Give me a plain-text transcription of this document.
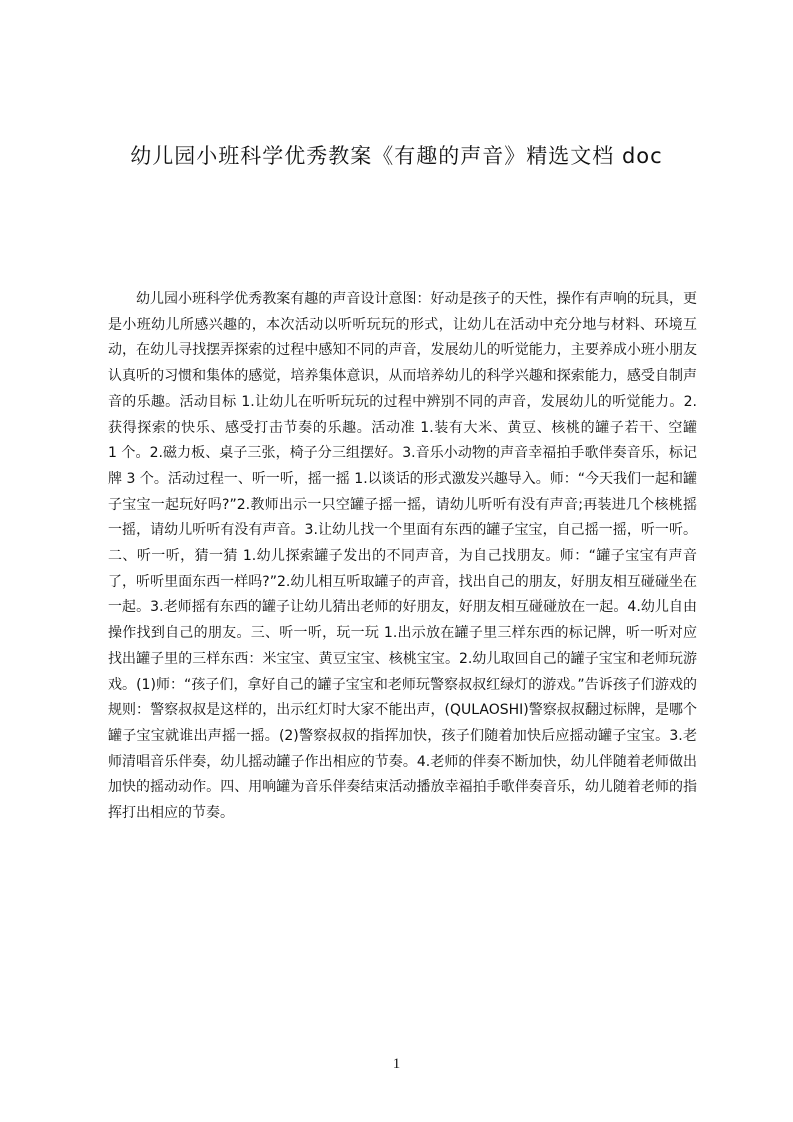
幼儿园小班科学优秀教案《有趣的声音》精选文档 doc

幼儿园小班科学优秀教案有趣的声音设计意图：好动是孩子的天性，操作有声响的玩具，更是小班幼儿所感兴趣的，本次活动以听听玩玩的形式，让幼儿在活动中充分地与材料、环境互动，在幼儿寻找摆弄探索的过程中感知不同的声音，发展幼儿的听觉能力，主要养成小班小朋友认真听的习惯和集体的感觉，培养集体意识，从而培养幼儿的科学兴趣和探索能力，感受自制声音的乐趣。活动目标 1.让幼儿在听听玩玩的过程中辨别不同的声音，发展幼儿的听觉能力。2.获得探索的快乐、感受打击节奏的乐趣。活动准 1.装有大米、黄豆、核桃的罐子若干、空罐　 1 个。2.磁力板、桌子三张，椅子分三组摆好。3.音乐小动物的声音幸福拍手歌伴奏音乐，标记牌 3 个。活动过程一、听一听，摇一摇 1.以谈话的形式激发兴趣导入。师：“今天我们一起和罐子宝宝一起玩好吗?”2.教师出示一只空罐子摇一摇，请幼儿听听有没有声音;再装进几个核桃摇一摇，请幼儿听听有没有声音。3.让幼儿找一个里面有东西的罐子宝宝，自己摇一摇，听一听。二、听一听，猜一猜 1.幼儿探索罐子发出的不同声音，为自己找朋友。师：“罐子宝宝有声音了，听听里面东西一样吗?”2.幼儿相互听取罐子的声音，找出自己的朋友，好朋友相互碰碰坐在一起。3.老师摇有东西的罐子让幼儿猜出老师的好朋友，好朋友相互碰碰放在一起。4.幼儿自由操作找到自己的朋友。三、听一听，玩一玩 1.出示放在罐子里三样东西的标记牌，听一听对应找出罐子里的三样东西：米宝宝、黄豆宝宝、核桃宝宝。2.幼儿取回自己的罐子宝宝和老师玩游戏。(1)师：“孩子们，拿好自己的罐子宝宝和老师玩警察叔叔红绿灯的游戏。”告诉孩子们游戏的规则：警察叔叔是这样的，出示红灯时大家不能出声，(QULAOSHI)警察叔叔翻过标牌，是哪个罐子宝宝就谁出声摇一摇。(2)警察叔叔的指挥加快，孩子们随着加快后应摇动罐子宝宝。3.老师清唱音乐伴奏，幼儿摇动罐子作出相应的节奏。4.老师的伴奏不断加快，幼儿伴随着老师做出加快的摇动动作。四、用响罐为音乐伴奏结束活动播放幸福拍手歌伴奏音乐，幼儿随着老师的指挥打出相应的节奏。

1
